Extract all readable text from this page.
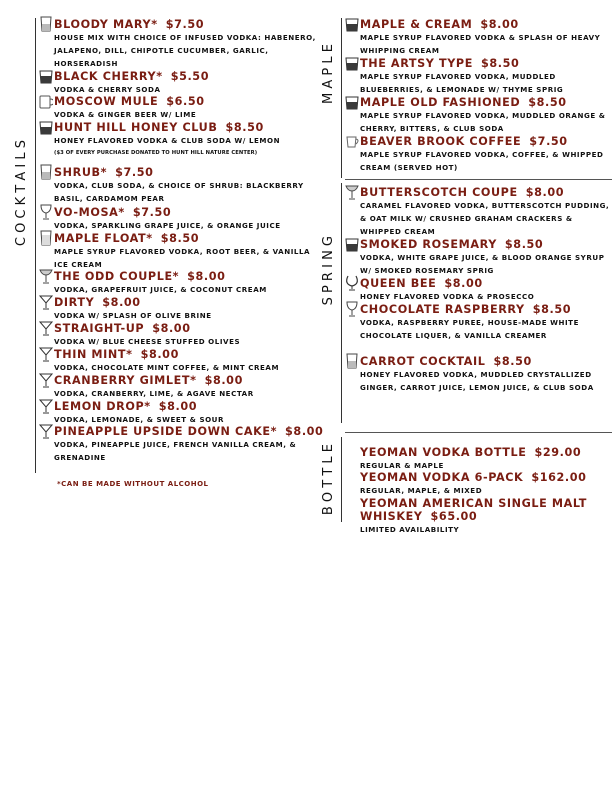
C O C K T A I L S
M A P L E
S P R I N G
B O T T L E
BLOODY MARY* $7.50
HOUSE MIX WITH CHOICE OF INFUSED VODKA: HABENERO, JALAPENO, DILL, CHIPOTLE CUCUMBER, GARLIC, HORSERADISH
BLACK CHERRY* $5.50
VODKA & CHERRY SODA
MOSCOW MULE $6.50
VODKA & GINGER BEER W/ LIME
HUNT HILL HONEY CLUB $8.50
HONEY FLAVORED VODKA & CLUB SODA W/ LEMON
($3 OF EVERY PURCHASE DONATED TO HUNT HILL NATURE CENTER)
SHRUB* $7.50
VODKA, CLUB SODA, & CHOICE OF SHRUB: BLACKBERRY BASIL, CARDAMOM PEAR
VO-MOSA* $7.50
VODKA, SPARKLING GRAPE JUICE, & ORANGE JUICE
MAPLE FLOAT* $8.50
MAPLE SYRUP FLAVORED VODKA, ROOT BEER, & VANILLA ICE CREAM
THE ODD COUPLE* $8.00
VODKA, GRAPEFRUIT JUICE, & COCONUT CREAM
DIRTY $8.00
VODKA W/ SPLASH OF OLIVE BRINE
STRAIGHT-UP $8.00
VODKA W/ BLUE CHEESE STUFFED OLIVES
THIN MINT* $8.00
VODKA, CHOCOLATE MINT COFFEE, & MINT CREAM
CRANBERRY GIMLET* $8.00
VODKA, CRANBERRY, LIME, & AGAVE NECTAR
LEMON DROP* $8.00
VODKA, LEMONADE, & SWEET & SOUR
PINEAPPLE UPSIDE DOWN CAKE* $8.00
VODKA, PINEAPPLE JUICE, FRENCH VANILLA CREAM, & GRENADINE
MAPLE & CREAM $8.00
MAPLE SYRUP FLAVORED VODKA & SPLASH OF HEAVY WHIPPING CREAM
THE ARTSY TYPE $8.50
MAPLE SYRUP FLAVORED VODKA, MUDDLED BLUEBERRIES, & LEMONADE W/ THYME SPRIG
MAPLE OLD FASHIONED $8.50
MAPLE SYRUP FLAVORED VODKA, MUDDLED ORANGE & CHERRY, BITTERS, & CLUB SODA
BEAVER BROOK COFFEE $7.50
MAPLE SYRUP FLAVORED VODKA, COFFEE, & WHIPPED CREAM (SERVED HOT)
BUTTERSCOTCH COUPE $8.00
CARAMEL FLAVORED VODKA, BUTTERSCOTCH PUDDING, & OAT MILK W/ CRUSHED GRAHAM CRACKERS & WHIPPED CREAM
SMOKED ROSEMARY $8.50
VODKA, WHITE GRAPE JUICE, & BLOOD ORANGE SYRUP W/ SMOKED ROSEMARY SPRIG
QUEEN BEE $8.00
HONEY FLAVORED VODKA & PROSECCO
CHOCOLATE RASPBERRY $8.50
VODKA, RASPBERRY PUREE, HOUSE-MADE WHITE CHOCOLATE LIQUER, & VANILLA CREAMER
CARROT COCKTAIL $8.50
HONEY FLAVORED VODKA, MUDDLED CRYSTALLIZED GINGER, CARROT JUICE, LEMON JUICE, & CLUB SODA
YEOMAN VODKA BOTTLE $29.00
REGULAR & MAPLE
YEOMAN VODKA 6-PACK $162.00
REGULAR, MAPLE, & MIXED
YEOMAN AMERICAN SINGLE MALT
WHISKEY $65.00
LIMITED AVAILABILITY
*CAN BE MADE WITHOUT ALCOHOL
